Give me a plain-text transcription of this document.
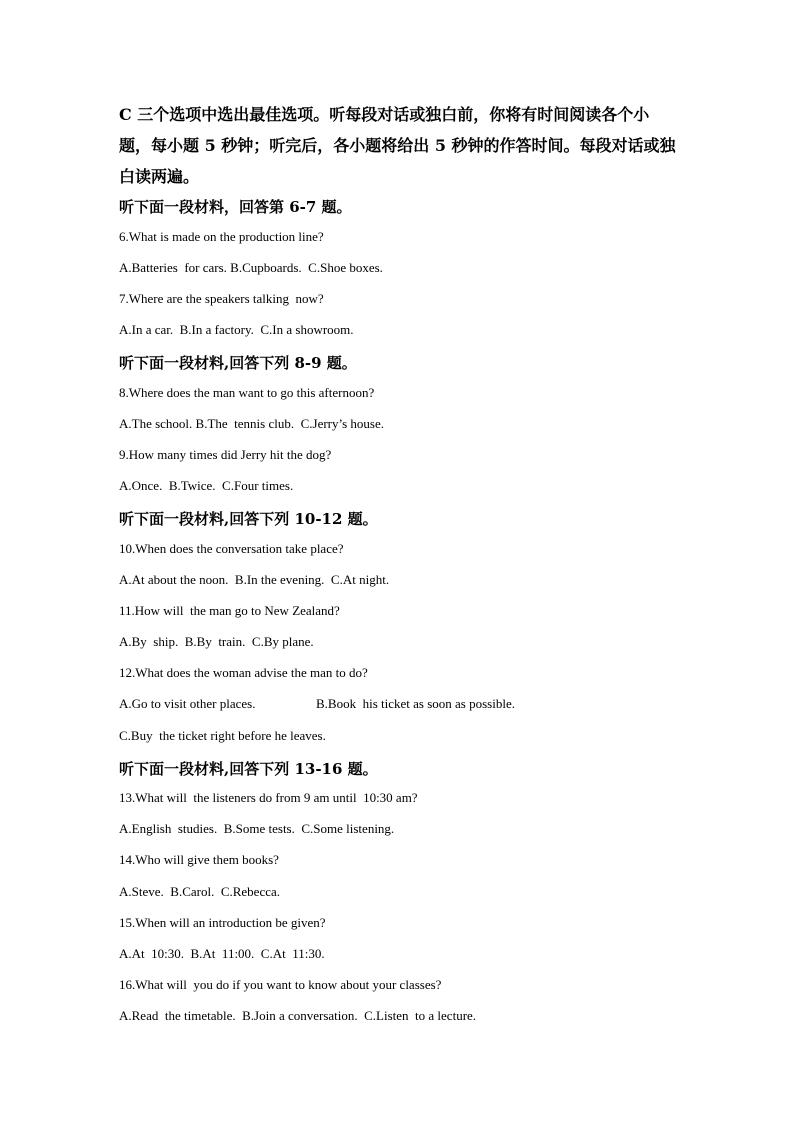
C 三个选项中选出最佳选项。听每段对话或独白前，你将有时间阅读各个小题，每小题 5 秒钟；听完后，各小题将给出 5 秒钟的作答时间。每段对话或独白读两遍。

听下面一段材料，回答第 6-7 题。

6.What is made on the production line?

A.Batteries  for cars. B.Cupboards.  C.Shoe boxes.

7.Where are the speakers talking  now?

A.In a car.  B.In a factory.  C.In a showroom.

听下面一段材料,回答下列 8-9 题。

8.Where does the man want to go this afternoon?

A.The school. B.The  tennis club.  C.Jerry’s house.

9.How many times did Jerry hit the dog?

A.Once.  B.Twice.  C.Four times.

听下面一段材料,回答下列 10-12 题。

10.When does the conversation take place?

A.At about the noon.  B.In the evening.  C.At night.

11.How will  the man go to New Zealand?

A.By  ship.  B.By  train.  C.By plane.

12.What does the woman advise the man to do?

A.Go to visit other places.	B.Book  his ticket as soon as possible.

C.Buy  the ticket right before he leaves.

听下面一段材料,回答下列 13-16 题。

13.What will  the listeners do from 9 am until  10:30 am?

A.English  studies.  B.Some tests.  C.Some listening.

14.Who will give them books?

A.Steve.  B.Carol.  C.Rebecca.

15.When will an introduction be given?

A.At  10:30.  B.At  11:00.  C.At  11:30.

16.What will  you do if you want to know about your classes?

A.Read  the timetable.  B.Join a conversation.  C.Listen  to a lecture.
